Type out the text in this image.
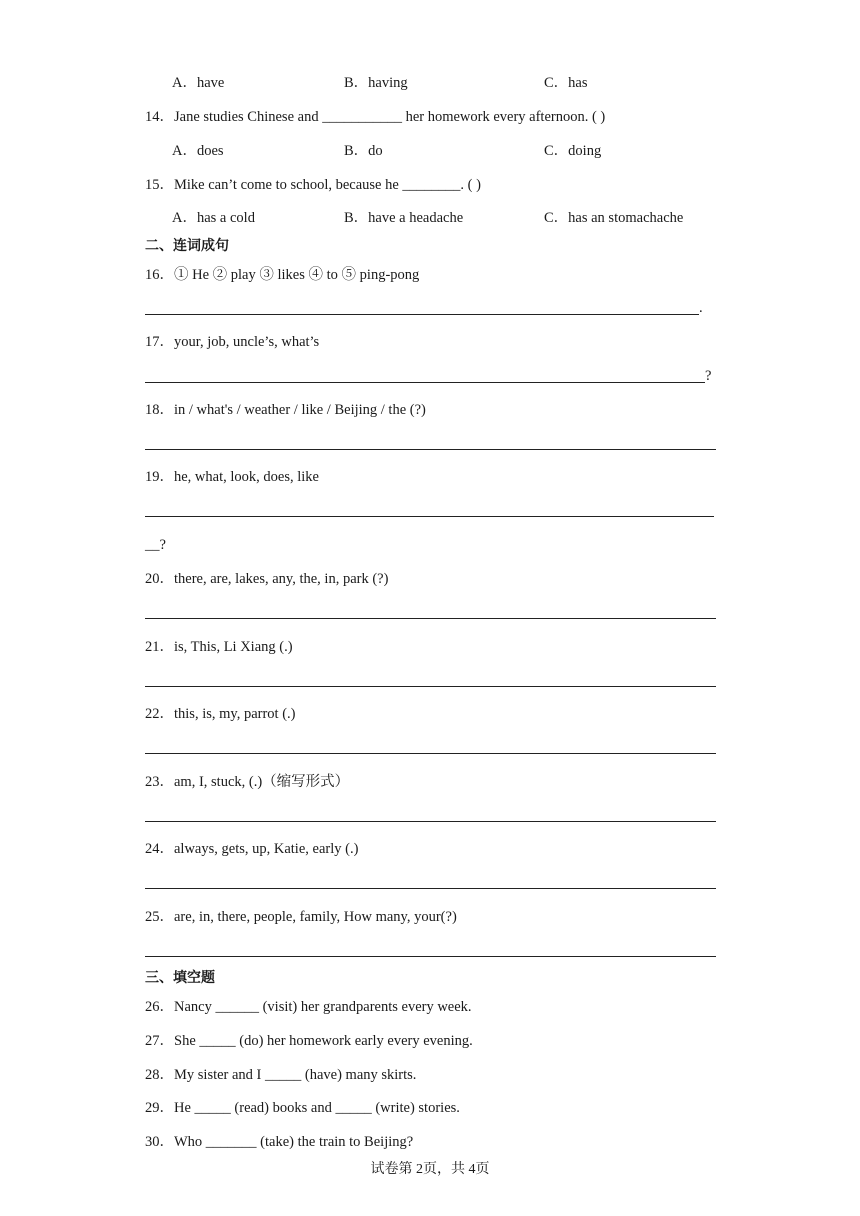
A．have	B．having	C．has
14．Jane studies Chinese and ___________ her homework every afternoon. ( )
A．does	B．do	C．doing
15．Mike can’t come to school, because he ________. ( )
A．has a cold	B．have a headache	C．has an stomachache
二、连词成句
16．① He ② play ③ likes ④ to ⑤ ping-pong
.
17．your, job, uncle’s, what’s
?
18．in / what's / weather / like / Beijing / the (?)
19．he, what, look, does, like
__?
20．there, are, lakes, any, the, in, park (?)
21．is, This, Li Xiang (.)
22．this, is, my, parrot (.)
23．am, I, stuck, (.)（缩写形式）
24．always, gets, up, Katie, early (.)
25．are, in, there, people, family, How many, your(?)
三、填空题
26．Nancy ______ (visit) her grandparents every week.
27．She _____ (do) her homework early every evening.
28．My sister and I _____ (have) many skirts.
29．He _____ (read) books and _____ (write) stories.
30．Who _______ (take) the train to Beijing?
试卷第 2页，共 4页
